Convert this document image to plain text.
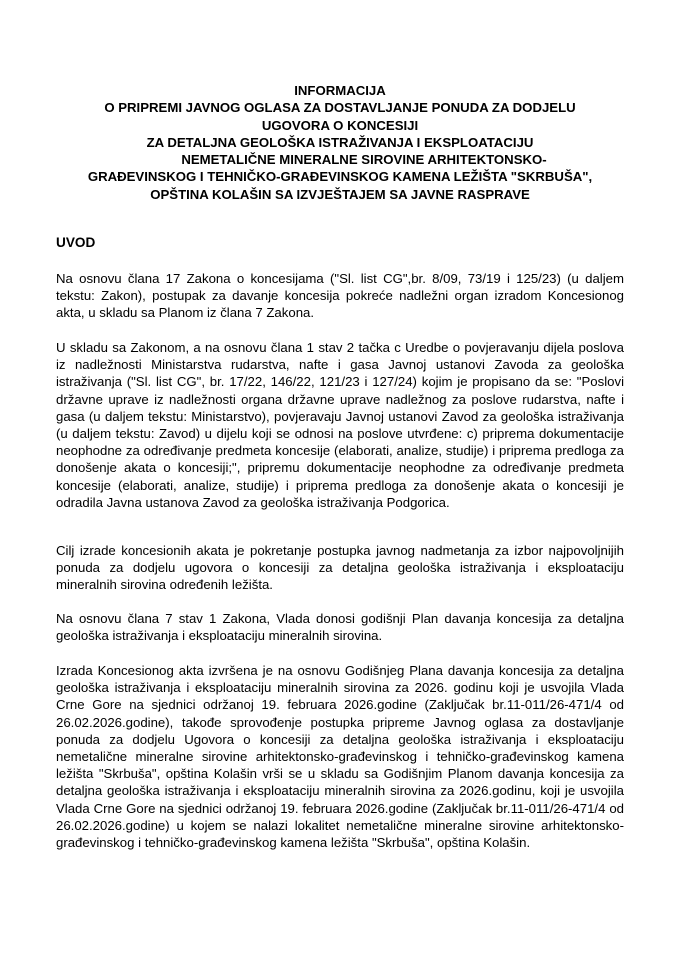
INFORMACIJA
O PRIPREMI JAVNOG OGLASA ZA DOSTAVLJANJE PONUDA ZA DODJELU
UGOVORA O KONCESIJI
ZA DETALJNA GEOLOŠKA ISTRAŽIVANJA I EKSPLOATACIJU
NEMETALIČNE MINERALNE SIROVINE ARHITEKTONSKO-
GRAĐEVINSKOG I TEHNIČKO-GRAĐEVINSKOG KAMENA LEŽIŠTA "SKRBUŠA",
OPŠTINA KOLAŠIN SA IZVJEŠTAJEM SA JAVNE RASPRAVE
UVOD

Na osnovu člana 17 Zakona o koncesijama ("Sl. list CG",br. 8/09, 73/19 i 125/23) (u daljem tekstu: Zakon), postupak za davanje koncesija pokreće nadležni organ izradom Koncesionog akta, u skladu sa Planom iz člana 7 Zakona.

U skladu sa Zakonom, a na osnovu člana 1 stav 2 tačka c Uredbe o povjeravanju dijela poslova iz nadležnosti Ministarstva rudarstva, nafte i gasa Javnoj ustanovi Zavoda za geološka istraživanja ("Sl. list CG", br. 17/22, 146/22, 121/23 i 127/24) kojim je propisano da se: "Poslovi državne uprave iz nadležnosti organa državne uprave nadležnog za poslove rudarstva, nafte i gasa (u daljem tekstu: Ministarstvo), povjeravaju Javnoj ustanovi Zavod za geološka istraživanja (u daljem tekstu: Zavod) u dijelu koji se odnosi na poslove utvrđene: c) priprema dokumentacije neophodne za određivanje predmeta koncesije (elaborati, analize, studije) i priprema predloga za donošenje akata o koncesiji;", pripremu dokumentacije neophodne za određivanje predmeta koncesije (elaborati, analize, studije) i priprema predloga za donošenje akata o koncesiji je odradila Javna ustanova Zavod za geološka istraživanja Podgorica.

Cilj izrade koncesionih akata je pokretanje postupka javnog nadmetanja za izbor najpovoljnijih ponuda za dodjelu ugovora o koncesiji za detaljna geološka istraživanja i eksploataciju mineralnih sirovina određenih ležišta.

Na osnovu člana 7 stav 1 Zakona, Vlada donosi godišnji Plan davanja koncesija za detaljna geološka istraživanja i eksploataciju mineralnih sirovina.

Izrada Koncesionog akta izvršena je na osnovu Godišnjeg Plana davanja koncesija za detaljna geološka istraživanja i eksploataciju mineralnih sirovina za 2026. godinu koji je usvojila Vlada Crne Gore na sjednici održanoj 19. februara 2026.godine (Zaključak br.11-011/26-471/4 od 26.02.2026.godine), takođe sprovođenje postupka pripreme Javnog oglasa za dostavljanje ponuda za dodjelu Ugovora o koncesiji za detaljna geološka istraživanja i eksploataciju nemetalične mineralne sirovine arhitektonsko-građevinskog i tehničko-građevinskog kamena ležišta "Skrbuša", opština Kolašin vrši se u skladu sa Godišnjim Planom davanja koncesija za detaljna geološka istraživanja i eksploataciju mineralnih sirovina za 2026.godinu, koji je usvojila Vlada Crne Gore na sjednici održanoj 19. februara 2026.godine (Zaključak br.11-011/26-471/4 od 26.02.2026.godine) u kojem se nalazi lokalitet nemetalične mineralne sirovine arhitektonsko-građevinskog i tehničko-građevinskog kamena ležišta "Skrbuša", opština Kolašin.
